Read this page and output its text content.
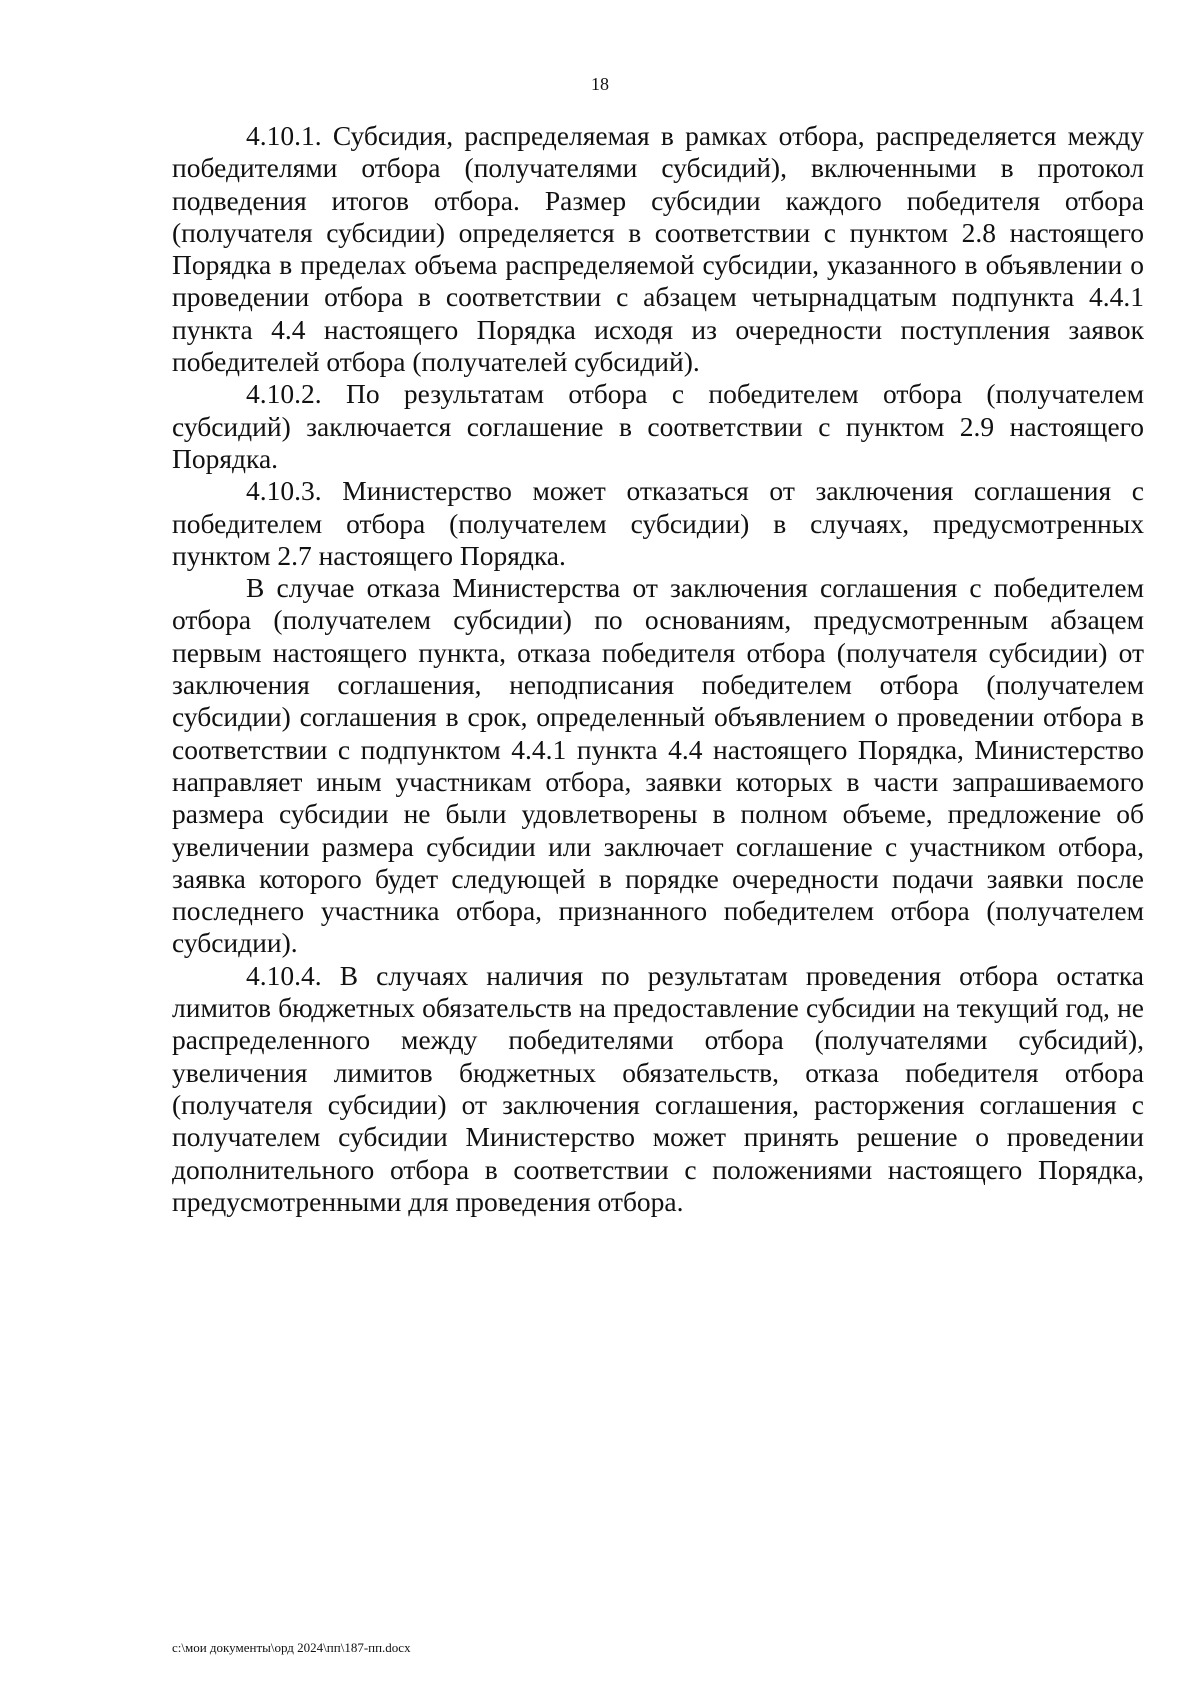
18

4.10.1. Субсидия, распределяемая в рамках отбора, распределяется между победителями отбора (получателями субсидий), включенными в протокол подведения итогов отбора. Размер субсидии каждого победителя отбора (получателя субсидии) определяется в соответствии с пунктом 2.8 настоящего Порядка в пределах объема распределяемой субсидии, указанного в объявлении о проведении отбора в соответствии с абзацем четырнадцатым подпункта 4.4.1 пункта 4.4 настоящего Порядка исходя из очередности поступления заявок победителей отбора (получателей субсидий).

4.10.2. По результатам отбора с победителем отбора (получателем субсидий) заключается соглашение в соответствии с пунктом 2.9 настоящего Порядка.

4.10.3. Министерство может отказаться от заключения соглашения с победителем отбора (получателем субсидии) в случаях, предусмотренных пунктом 2.7 настоящего Порядка.

В случае отказа Министерства от заключения соглашения с победителем отбора (получателем субсидии) по основаниям, предусмотренным абзацем первым настоящего пункта, отказа победителя отбора (получателя субсидии) от заключения соглашения, неподписания победителем отбора (получателем субсидии) соглашения в срок, определенный объявлением о проведении отбора в соответствии с подпунктом 4.4.1 пункта 4.4 настоящего Порядка, Министерство направляет иным участникам отбора, заявки которых в части запрашиваемого размера субсидии не были удовлетворены в полном объеме, предложение об увеличении размера субсидии или заключает соглашение с участником отбора, заявка которого будет следующей в порядке очередности подачи заявки после последнего участника отбора, признанного победителем отбора (получателем субсидии).

4.10.4. В случаях наличия по результатам проведения отбора остатка лимитов бюджетных обязательств на предоставление субсидии на текущий год, не распределенного между победителями отбора (получателями субсидий), увеличения лимитов бюджетных обязательств, отказа победителя отбора (получателя субсидии) от заключения соглашения, расторжения соглашения с получателем субсидии Министерство может принять решение о проведении дополнительного отбора в соответствии с положениями настоящего Порядка, предусмотренными для проведения отбора.

c:\мои документы\орд 2024\пп\187-пп.docx
